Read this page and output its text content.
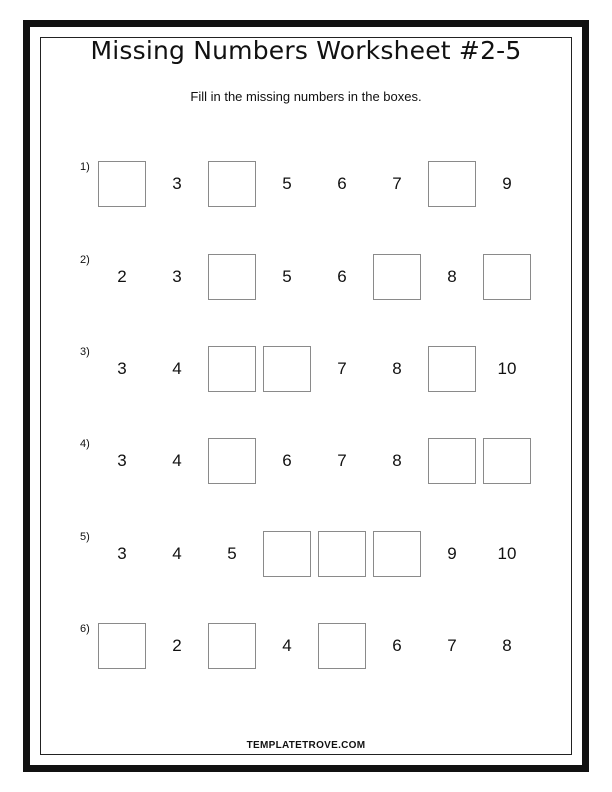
Missing Numbers Worksheet #2-5
Fill in the missing numbers in the boxes.
1)
3	5	6	7	9
2)
2	3	5	6	8
3)
3	4	7	8	10
4)
3	4	6	7	8
5)
3	4	5	9	10
6)
2	4	6	7	8
TEMPLATETROVE.COM
